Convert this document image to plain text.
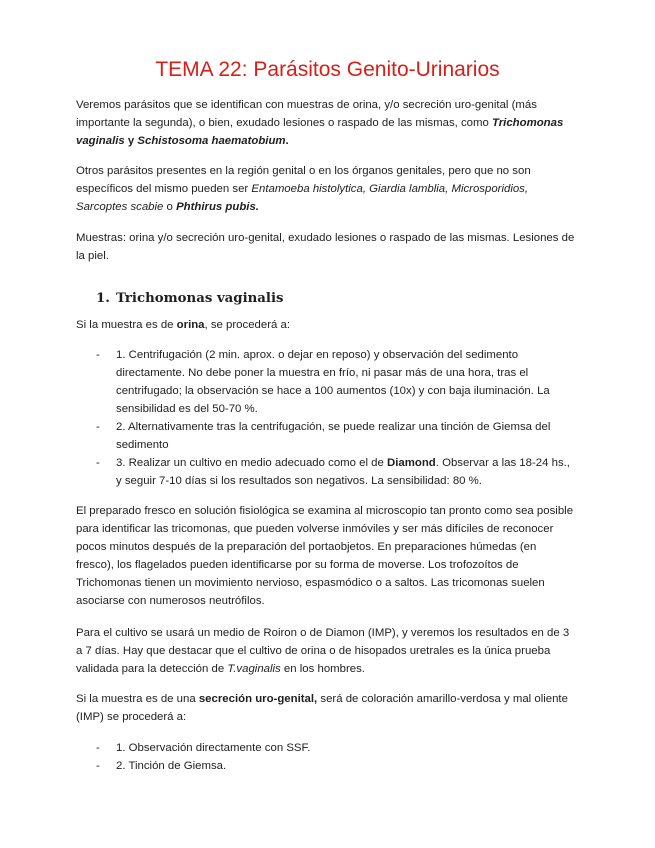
TEMA 22: Parásitos Genito-Urinarios

Veremos parásitos que se identifican con muestras de orina, y/o secreción uro-genital (más importante la segunda), o bien, exudado lesiones o raspado de las mismas, como Trichomonas vaginalis y Schistosoma haematobium.

Otros parásitos presentes en la región genital o en los órganos genitales, pero que no son específicos del mismo pueden ser Entamoeba histolytica, Giardia lamblia, Microsporidios, Sarcoptes scabie o Phthirus pubis.

Muestras: orina y/o secreción uro-genital, exudado lesiones o raspado de las mismas. Lesiones de la piel.

1. Trichomonas vaginalis

Si la muestra es de orina, se procederá a:

- 1. Centrifugación (2 min. aprox. o dejar en reposo) y observación del sedimento directamente. No debe poner la muestra en frío, ni pasar más de una hora, tras el centrifugado; la observación se hace a 100 aumentos (10x) y con baja iluminación. La sensibilidad es del 50-70 %.
- 2. Alternativamente tras la centrifugación, se puede realizar una tinción de Giemsa del sedimento
- 3. Realizar un cultivo en medio adecuado como el de Diamond. Observar a las 18-24 hs., y seguir 7-10 días si los resultados son negativos. La sensibilidad: 80 %.

El preparado fresco en solución fisiológica se examina al microscopio tan pronto como sea posible para identificar las tricomonas, que pueden volverse inmóviles y ser más difíciles de reconocer pocos minutos después de la preparación del portaobjetos. En preparaciones húmedas (en fresco), los flagelados pueden identificarse por su forma de moverse. Los trofozoítos de Trichomonas tienen un movimiento nervioso, espasmódico o a saltos. Las tricomonas suelen asociarse con numerosos neutrófilos.

Para el cultivo se usará un medio de Roiron o de Diamon (IMP), y veremos los resultados en de 3 a 7 días. Hay que destacar que el cultivo de orina o de hisopados uretrales es la única prueba validada para la detección de T.vaginalis en los hombres.

Si la muestra es de una secreción uro-genital, será de coloración amarillo-verdosa y mal oliente (IMP) se procederá a:

- 1. Observación directamente con SSF.
- 2. Tinción de Giemsa.
